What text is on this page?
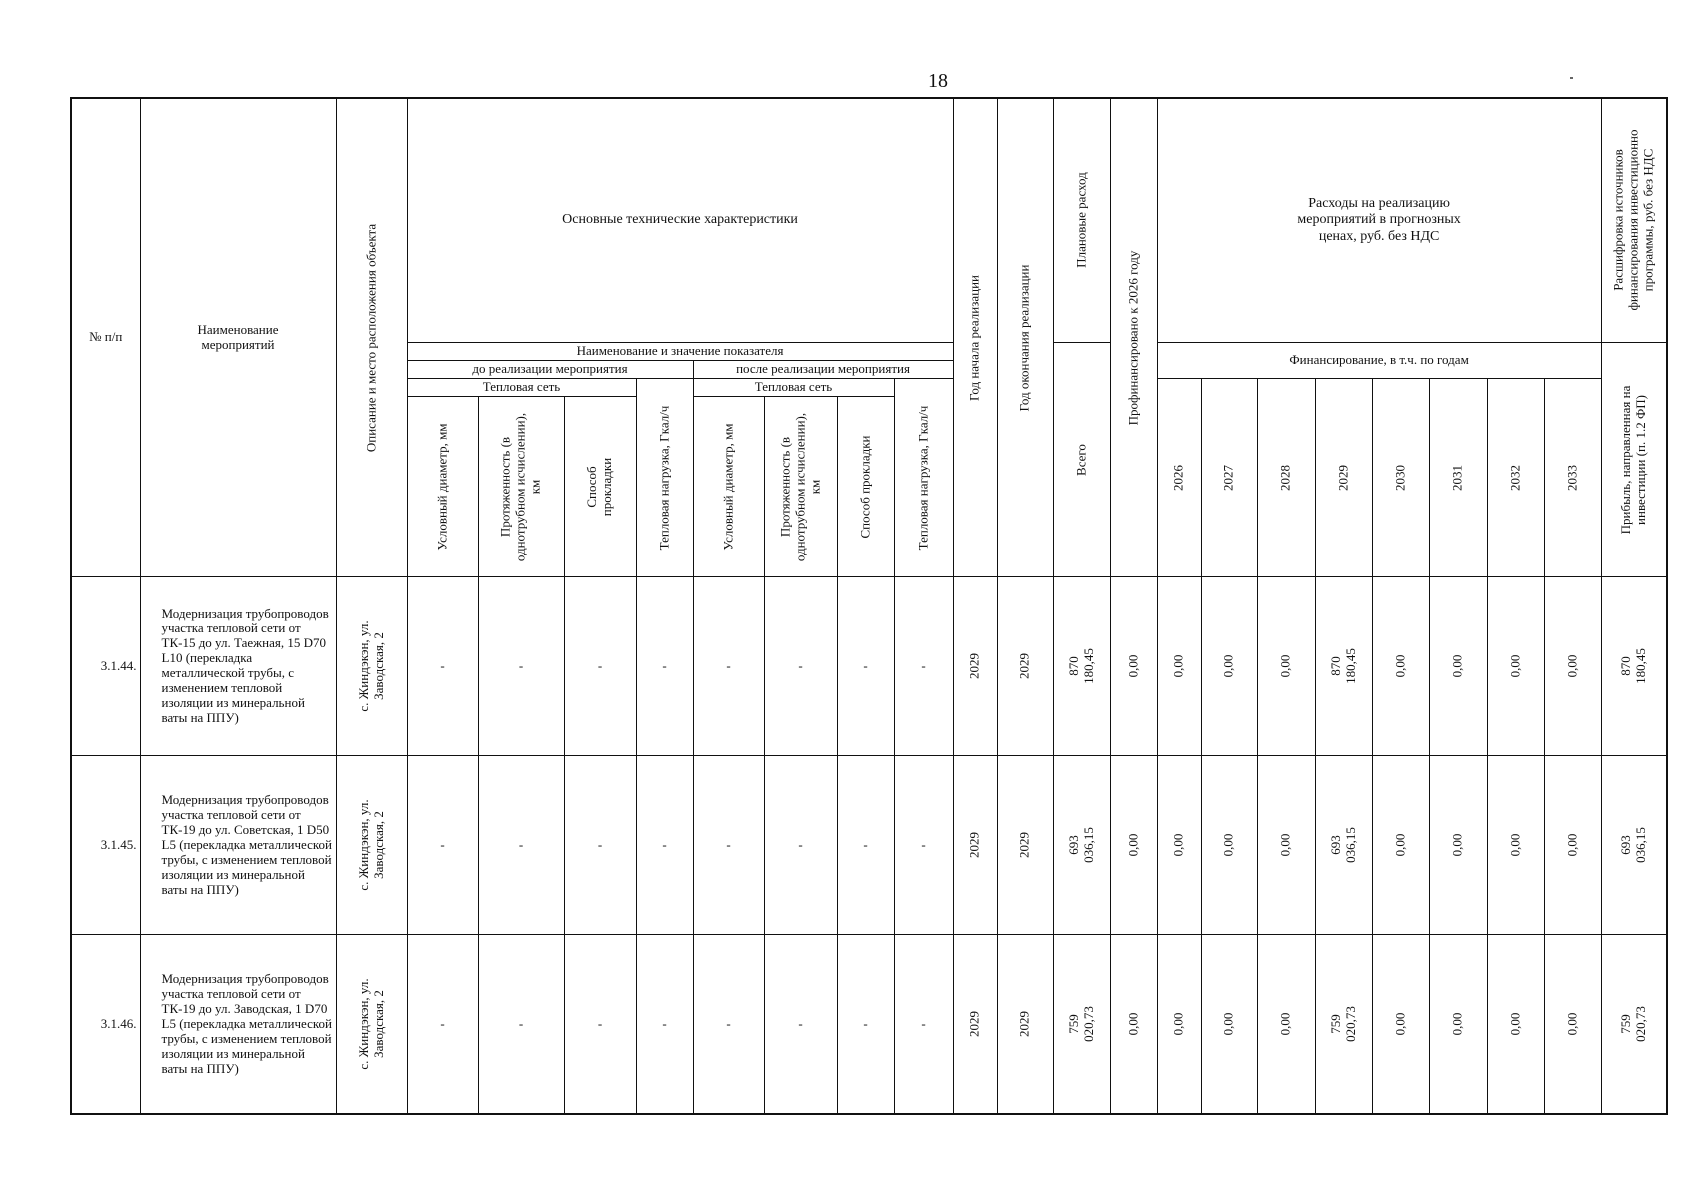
18
№ п/п	Наименование мероприятий	Описание и место расположения объекта	Основные технические характеристики								Год начала реализации	Год окончания реализации	Плановые расход	Профинансировано к 2026 году	Расходы на реализацию мероприятий в прогнозных ценах, руб. без НДС								Расшифровка источников финансирования инвестиционно программы, руб. без НДС

			Наименование и значение показателя										Всего		Финансирование, в т.ч. по годам								Прибыль, направленная на инвестиции (п. 1.2 ФП)

			до реализации мероприятия				после реализации мероприятия																
			Тепловая сеть			Тепловая нагрузка, Гкал/ч	Тепловая сеть			Тепловая нагрузка, Гкал/ч					2026	2027	2028	2029	2030	2031	2032	2033	

			Условный диаметр, мм	Протяженность (в однотрубном исчислении), км	Способ прокладки		Условный диаметр, мм	Протяженность (в однотрубном исчислении), км	Способ прокладки														

3.1.44.	Модернизация трубопроводов участка тепловой сети от ТК-15 до ул. Таежная, 15 D70 L10 (перекладка металлической трубы, с изменением тепловой изоляции из минеральной ваты на ППУ)	с. Жиндэкэн, ул. Заводская, 2	-	-	-	-	-	-	-	-	2029	2029	870 180,45	0,00	0,00	0,00	0,00	870 180,45	0,00	0,00	0,00	0,00	870 180,45

3.1.45.	Модернизация трубопроводов участка тепловой сети от ТК-19 до ул. Советская, 1 D50 L5 (перекладка металлической трубы, с изменением тепловой изоляции из минеральной ваты на ППУ)	с. Жиндэкэн, ул. Заводская, 2	-	-	-	-	-	-	-	-	2029	2029	693 036,15	0,00	0,00	0,00	0,00	693 036,15	0,00	0,00	0,00	0,00	693 036,15

3.1.46.	Модернизация трубопроводов участка тепловой сети от ТК-19 до ул. Заводская, 1 D70 L5 (перекладка металлической трубы, с изменением тепловой изоляции из минеральной ваты на ППУ)	с. Жиндэкэн, ул. Заводская, 2	-	-	-	-	-	-	-	-	2029	2029	759 020,73	0,00	0,00	0,00	0,00	759 020,73	0,00	0,00	0,00	0,00	759 020,73
